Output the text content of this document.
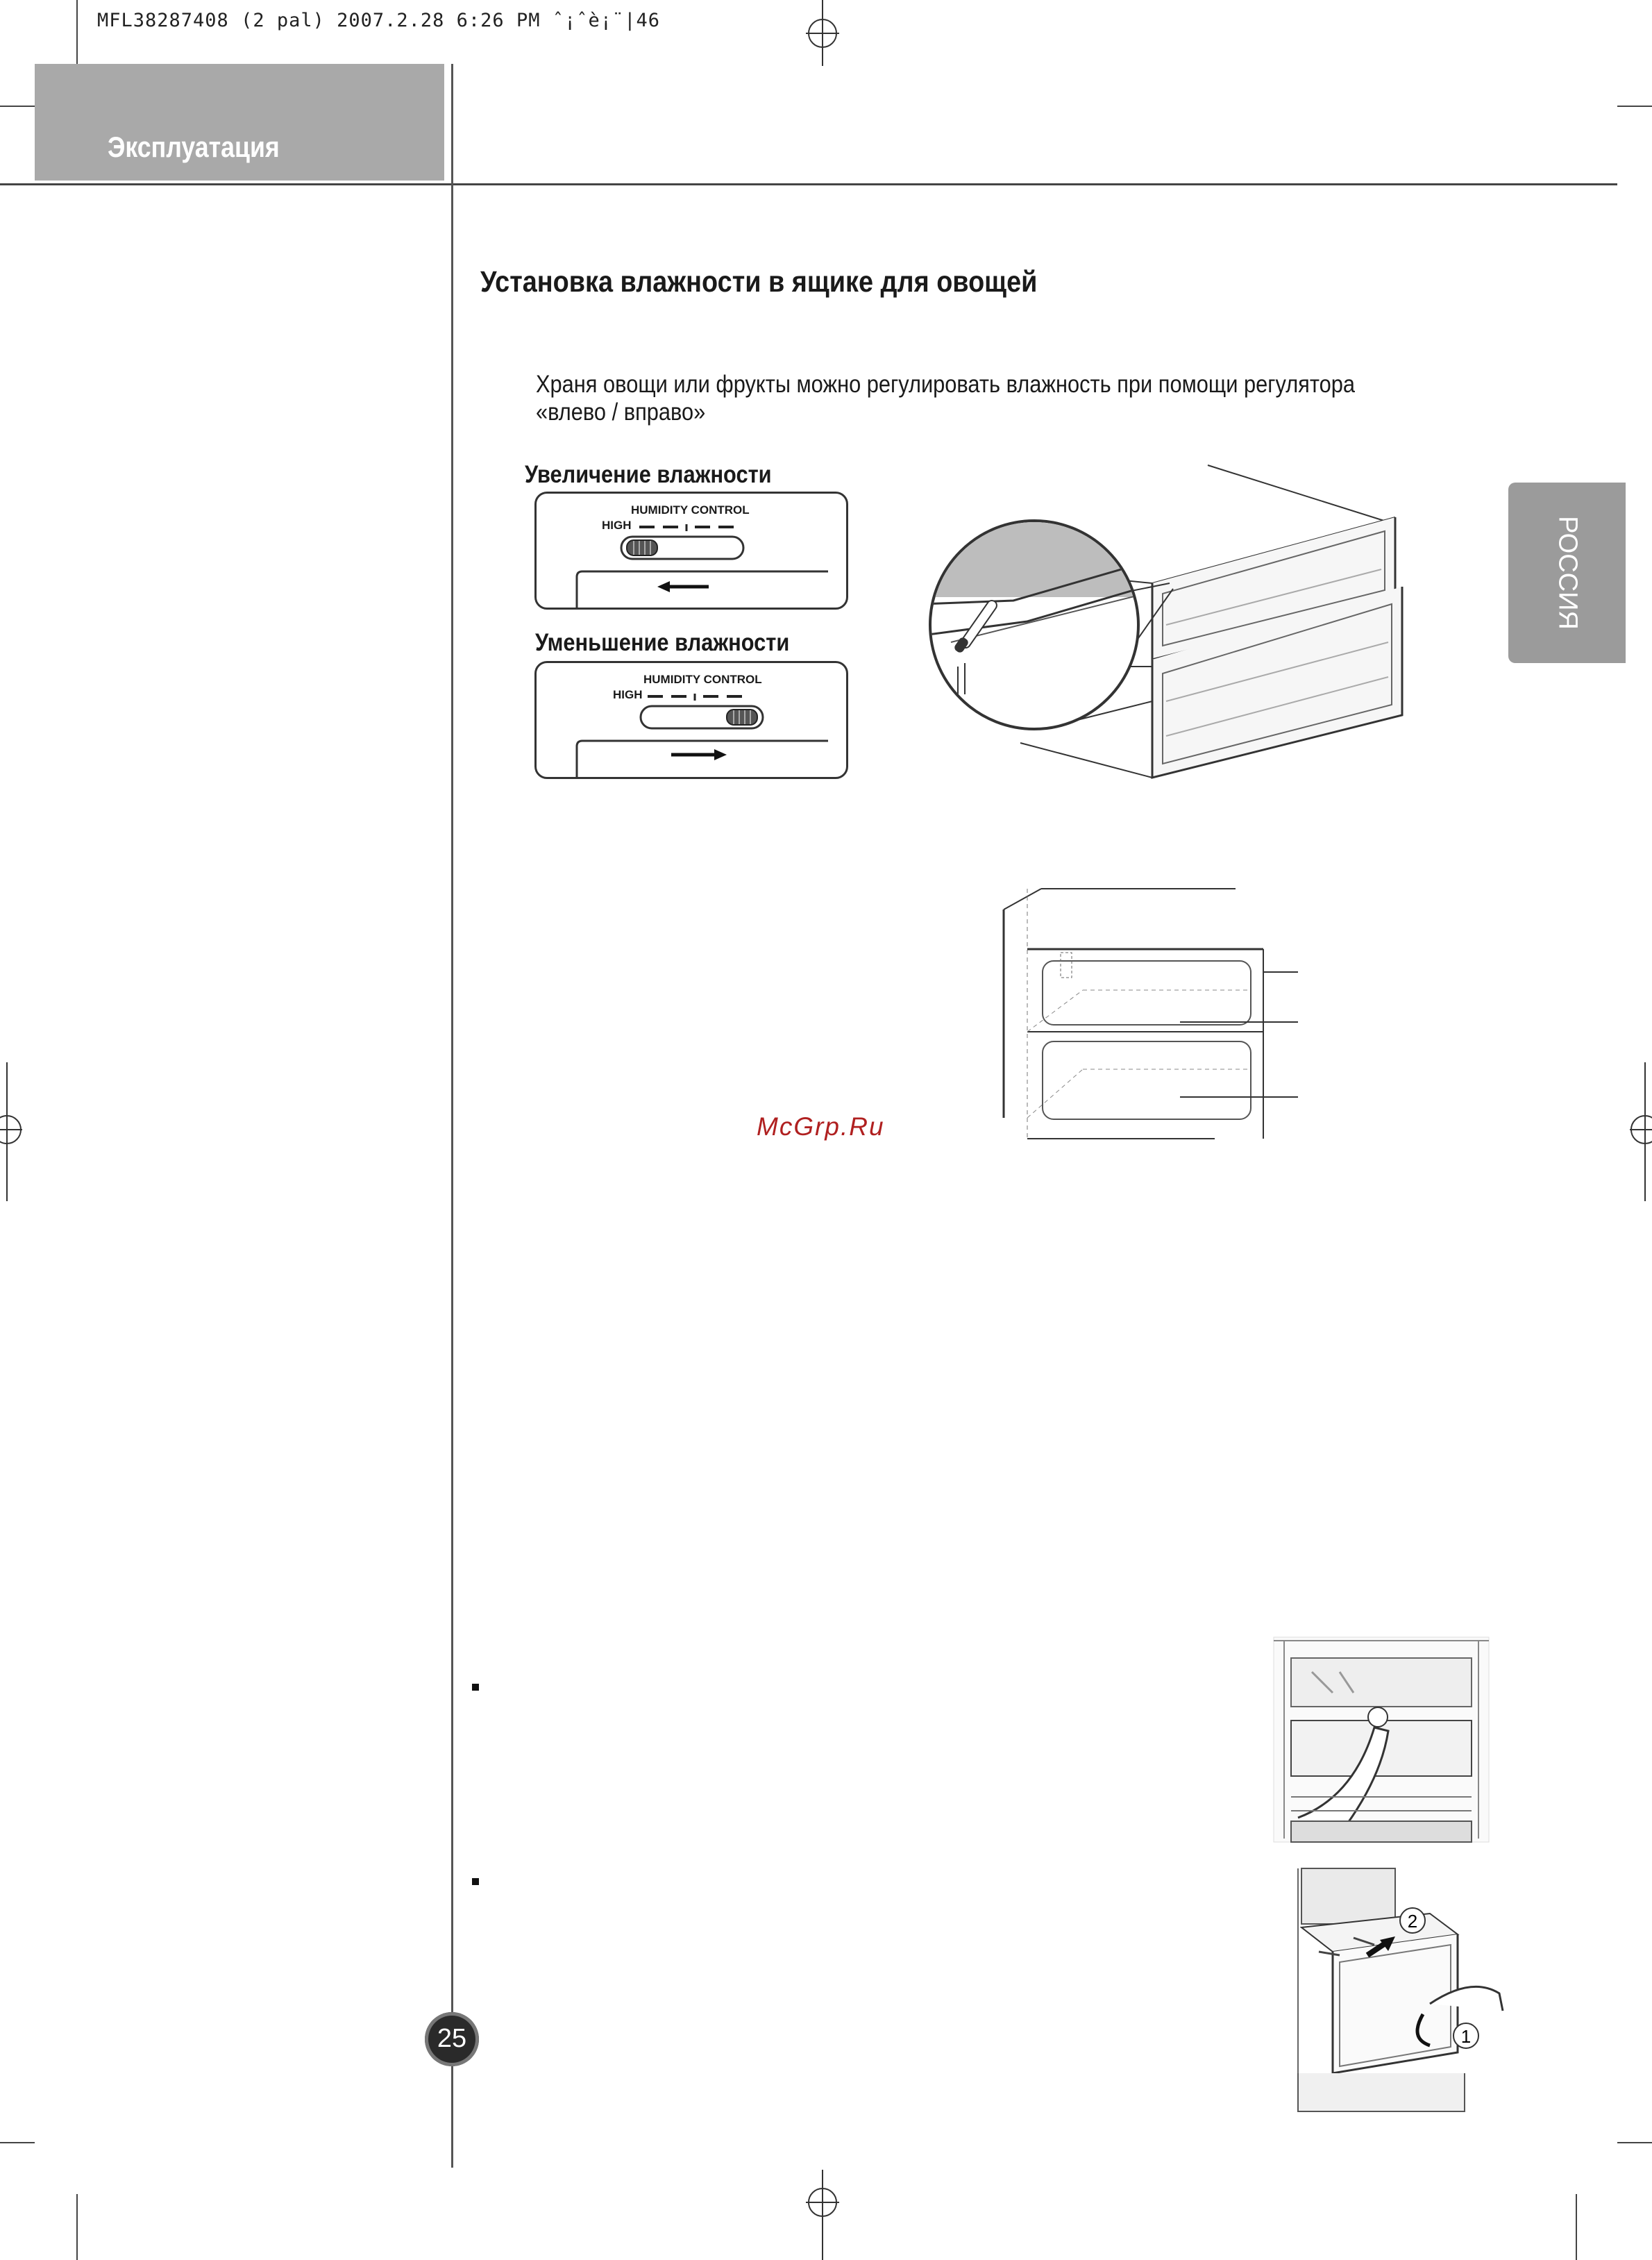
MFL38287408 (2 pal) 2007.2.28 6:26 PM ˆ¡ˆè¡¨|46
Эксплуатация
РОССИЯ
Установка влажности в ящике для овощей
Храня овощи или фрукты можно регулировать влажность при помощи регулятора
«влево / вправо»
Увеличение влажности
HUMIDITY CONTROL
HIGH
Уменьшение влажности
HUMIDITY CONTROL
HIGH
McGrp.Ru
2
1
25
